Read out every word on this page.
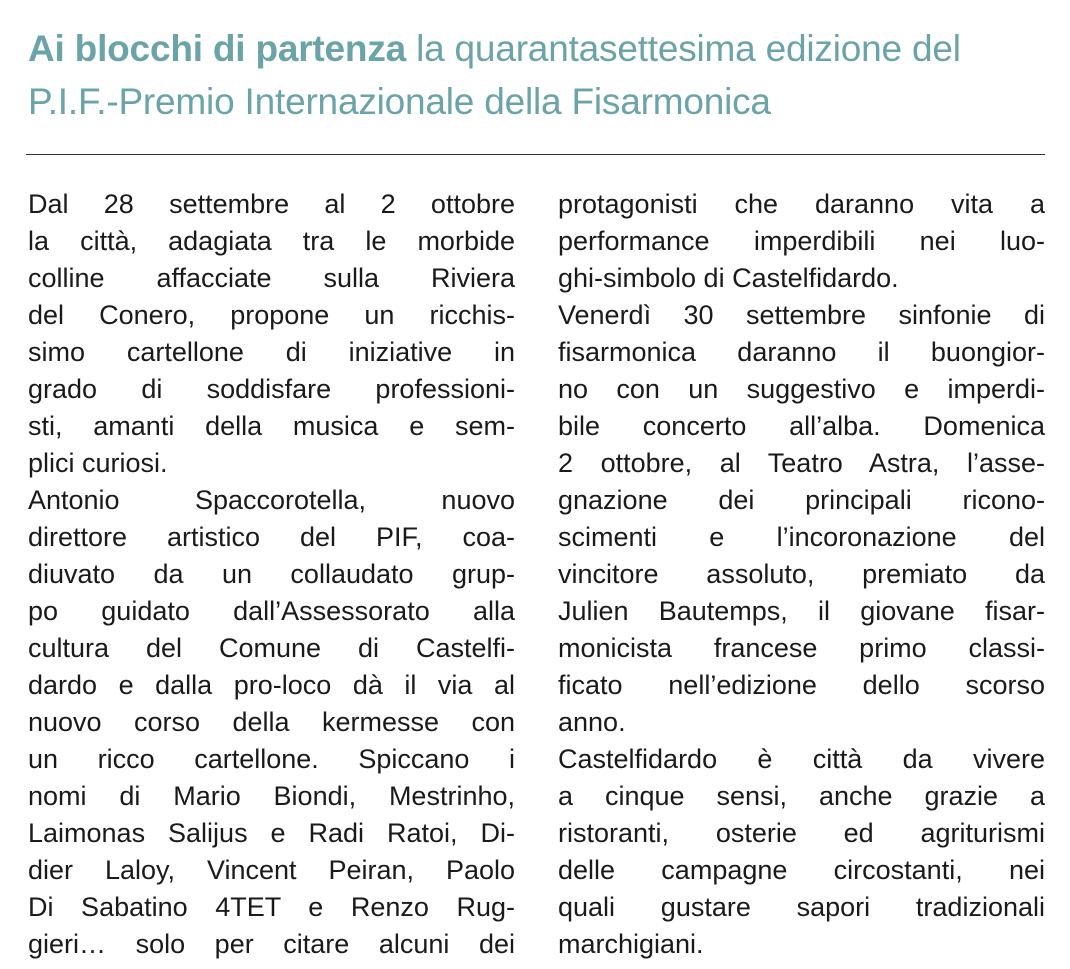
Ai blocchi di partenza la quarantasettesima edizione del P.I.F.-Premio Internazionale della Fisarmonica

Dal 28 settembre al 2 ottobre
la città, adagiata tra le morbide
colline affacciate sulla Riviera
del Conero, propone un ricchis-
simo cartellone di iniziative in
grado di soddisfare professioni-
sti, amanti della musica e sem-
plici curiosi.

Antonio Spaccorotella, nuovo
direttore artistico del PIF, coa-
diuvato da un collaudato grup-
po guidato dall’Assessorato alla
cultura del Comune di Castelfi-
dardo e dalla pro-loco dà il via al
nuovo corso della kermesse con
un ricco cartellone. Spiccano i
nomi di Mario Biondi, Mestrinho,
Laimonas Salijus e Radi Ratoi, Di-
dier Laloy, Vincent Peiran, Paolo
Di Sabatino 4TET e Renzo Rug-
gieri… solo per citare alcuni dei

protagonisti che daranno vita a
performance imperdibili nei luo-
ghi-simbolo di Castelfidardo.

Venerdì 30 settembre sinfonie di
fisarmonica daranno il buongior-
no con un suggestivo e imperdi-
bile concerto all’alba. Domenica
2 ottobre, al Teatro Astra, l’asse-
gnazione dei principali ricono-
scimenti e l’incoronazione del
vincitore assoluto, premiato da
Julien Bautemps, il giovane fisar-
monicista francese primo classi-
ficato nell’edizione dello scorso
anno.

Castelfidardo è città da vivere
a cinque sensi, anche grazie a
ristoranti, osterie ed agriturismi
delle campagne circostanti, nei
quali gustare sapori tradizionali
marchigiani.
